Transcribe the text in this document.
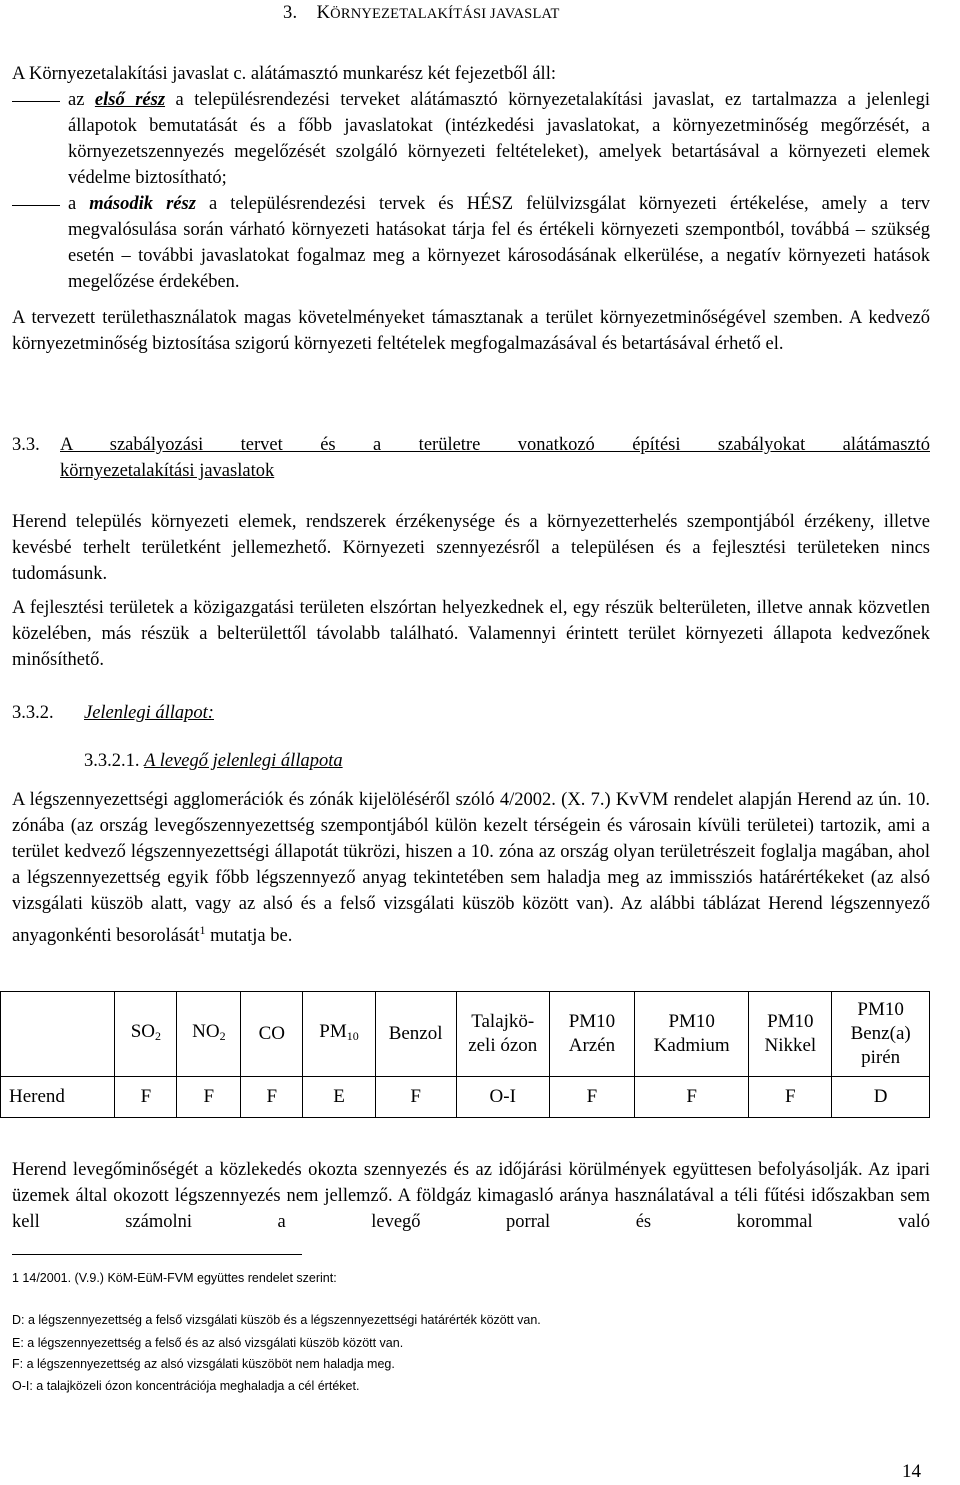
3. KÖRNYEZETALAKÍTÁSI JAVASLAT

A Környezetalakítási javaslat c. alátámasztó munkarész két fejezetből áll:

az első rész a településrendezési terveket alátámasztó környezetalakítási javaslat, ez tartalmazza a jelenlegi állapotok bemutatását és a főbb javaslatokat (intézkedési javaslatokat, a környezetminőség megőrzését, a környezetszennyezés megelőzését szolgáló környezeti feltételeket), amelyek betartásával a környezeti elemek védelme biztosítható;

a második rész a településrendezési tervek és HÉSZ felülvizsgálat környezeti értékelése, amely a terv megvalósulása során várható környezeti hatásokat tárja fel és értékeli környezeti szempontból, továbbá – szükség esetén – további javaslatokat fogalmaz meg a környezet károsodásának elkerülése, a negatív környezeti hatások megelőzése érdekében.

A tervezett területhasználatok magas követelményeket támasztanak a terület környezetminőségével szemben. A kedvező környezetminőség biztosítása szigorú környezeti feltételek megfogalmazásával és betartásával érhető el.

3.3. A szabályozási tervet és a területre vonatkozó építési szabályokat alátámasztó
környezetalakítási javaslatok

Herend település környezeti elemek, rendszerek érzékenysége és a környezetterhelés szempontjából érzékeny, illetve kevésbé terhelt területként jellemezhető. Környezeti szennyezésről a településen és a fejlesztési területeken nincs tudomásunk.

A fejlesztési területek a közigazgatási területen elszórtan helyezkednek el, egy részük belterületen, illetve annak közvetlen közelében, más részük a belterülettől távolabb található. Valamennyi érintett terület környezeti állapota kedvezőnek minősíthető.

3.3.2. Jelenlegi állapot:
3.3.2.1. A levegő jelenlegi állapota

A légszennyezettségi agglomerációk és zónák kijelöléséről szóló 4/2002. (X. 7.) KvVM rendelet alapján Herend az ún. 10. zónába (az ország levegőszennyezettség szempontjából külön kezelt térségein és városain kívüli területei) tartozik, ami a terület kedvező légszennyezettségi állapotát tükrözi, hiszen a 10. zóna az ország olyan területrészeit foglalja magában, ahol a légszennyezettség egyik főbb légszennyező anyag tekintetében sem haladja meg az immissziós határértékeket (az alsó vizsgálati küszöb alatt, vagy az alsó és a felső vizsgálati küszöb között van). Az alábbi táblázat Herend légszennyező anyagonkénti besorolását$^1$ mutatja be.

	$SO_2$	$NO_2$	CO	$PM_{10}$	Benzol	Talajkö-zeli ózon	PM10 Arzén	PM10 Kadmium	PM10 Nikkel	PM10 Benz(a) pirén
Herend	F	F	F	E	F	O-I	F	F	F	D

Herend levegőminőségét a közlekedés okozta szennyezés és az időjárási körülmények együttesen befolyásolják. Az ipari üzemek által okozott légszennyezés nem jellemző. A földgáz kimagasló aránya használatával a téli fűtési időszakban sem kell számolni a levegő porral és korommal való

1 14/2001. (V.9.) KöM-EüM-FVM együttes rendelet szerint:
D: a légszennyezettség a felső vizsgálati küszöb és a légszennyezettségi határérték között van.
E: a légszennyezettség a felső és az alsó vizsgálati küszöb között van.
F: a légszennyezettség az alsó vizsgálati küszöböt nem haladja meg.
O-I: a talajközeli ózon koncentrációja meghaladja a cél értéket.
14
